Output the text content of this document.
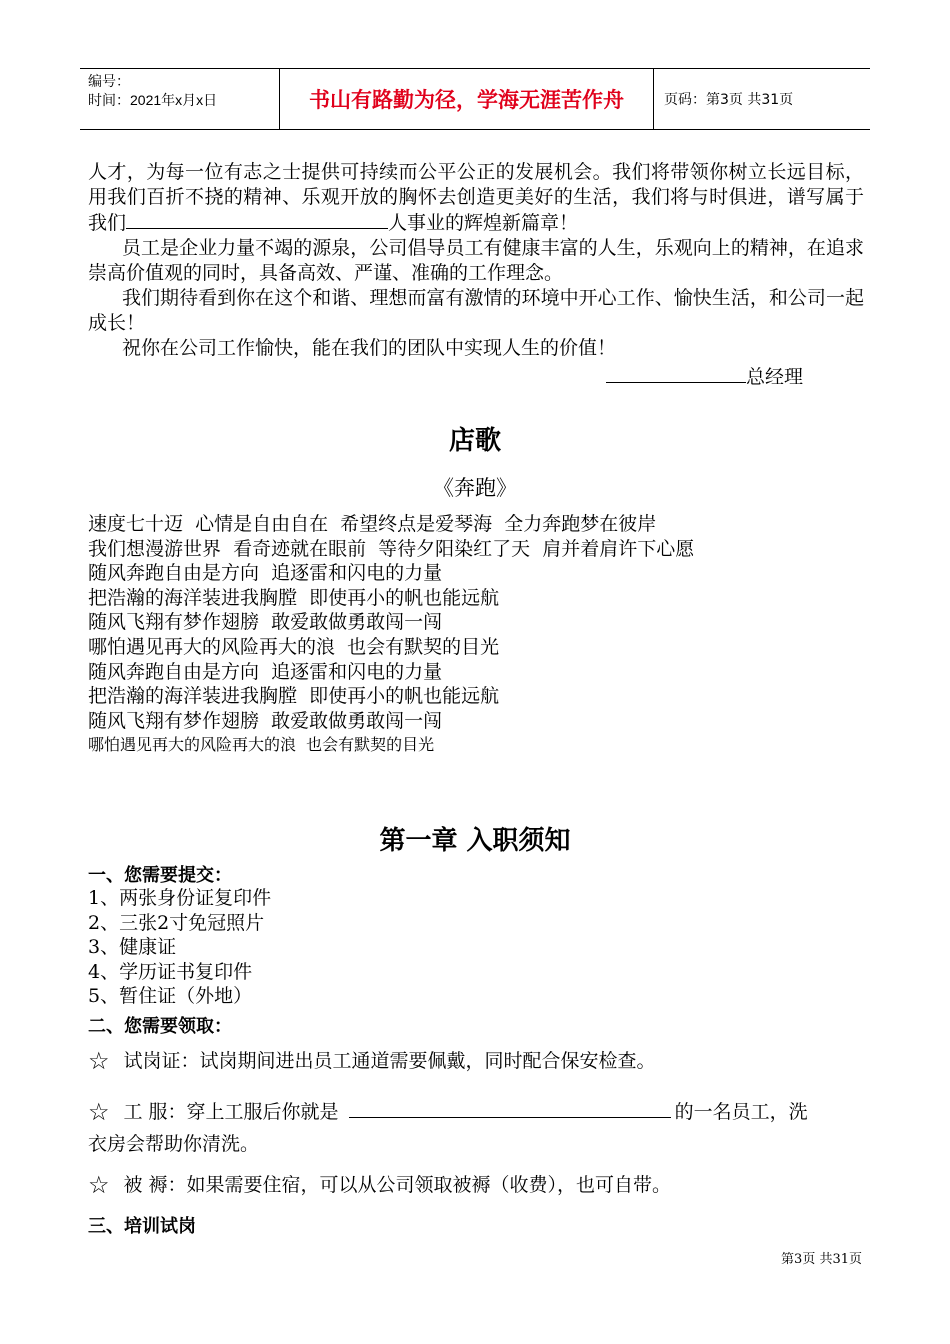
编号：
时间：2021年x月x日	书山有路勤为径，学海无涯苦作舟	页码：第3页 共31页

人才，为每一位有志之士提供可持续而公平公正的发展机会。我们将带领你树立长远目标，用我们百折不挠的精神、乐观开放的胸怀去创造更美好的生活，我们将与时俱进，谱写属于我们	人事业的辉煌新篇章！

员工是企业力量不竭的源泉，公司倡导员工有健康丰富的人生，乐观向上的精神，在追求崇高价值观的同时，具备高效、严谨、准确的工作理念。

我们期待看到你在这个和谐、理想而富有激情的环境中开心工作、愉快生活，和公司一起成长！

祝你在公司工作愉快，能在我们的团队中实现人生的价值！

总经理
店歌
《奔跑》
速度七十迈  心情是自由自在  希望终点是爱琴海  全力奔跑梦在彼岸
我们想漫游世界  看奇迹就在眼前  等待夕阳染红了天  肩并着肩许下心愿
随风奔跑自由是方向  追逐雷和闪电的力量
把浩瀚的海洋装进我胸膛  即使再小的帆也能远航
随风飞翔有梦作翅膀  敢爱敢做勇敢闯一闯
哪怕遇见再大的风险再大的浪  也会有默契的目光
随风奔跑自由是方向  追逐雷和闪电的力量
把浩瀚的海洋装进我胸膛  即使再小的帆也能远航
随风飞翔有梦作翅膀  敢爱敢做勇敢闯一闯
哪怕遇见再大的风险再大的浪  也会有默契的目光
第一章 入职须知
一、您需要提交：
1、两张身份证复印件
2、三张2寸免冠照片
3、健康证
4、学历证书复印件
5、暂住证（外地）
二、您需要领取：
☆ 试岗证：试岗期间进出员工通道需要佩戴，同时配合保安检查。
☆ 工 服：穿上工服后你就是	的一名员工，洗
衣房会帮助你清洗。
☆ 被 褥：如果需要住宿，可以从公司领取被褥（收费），也可自带。
三、培训试岗
第3页 共31页
